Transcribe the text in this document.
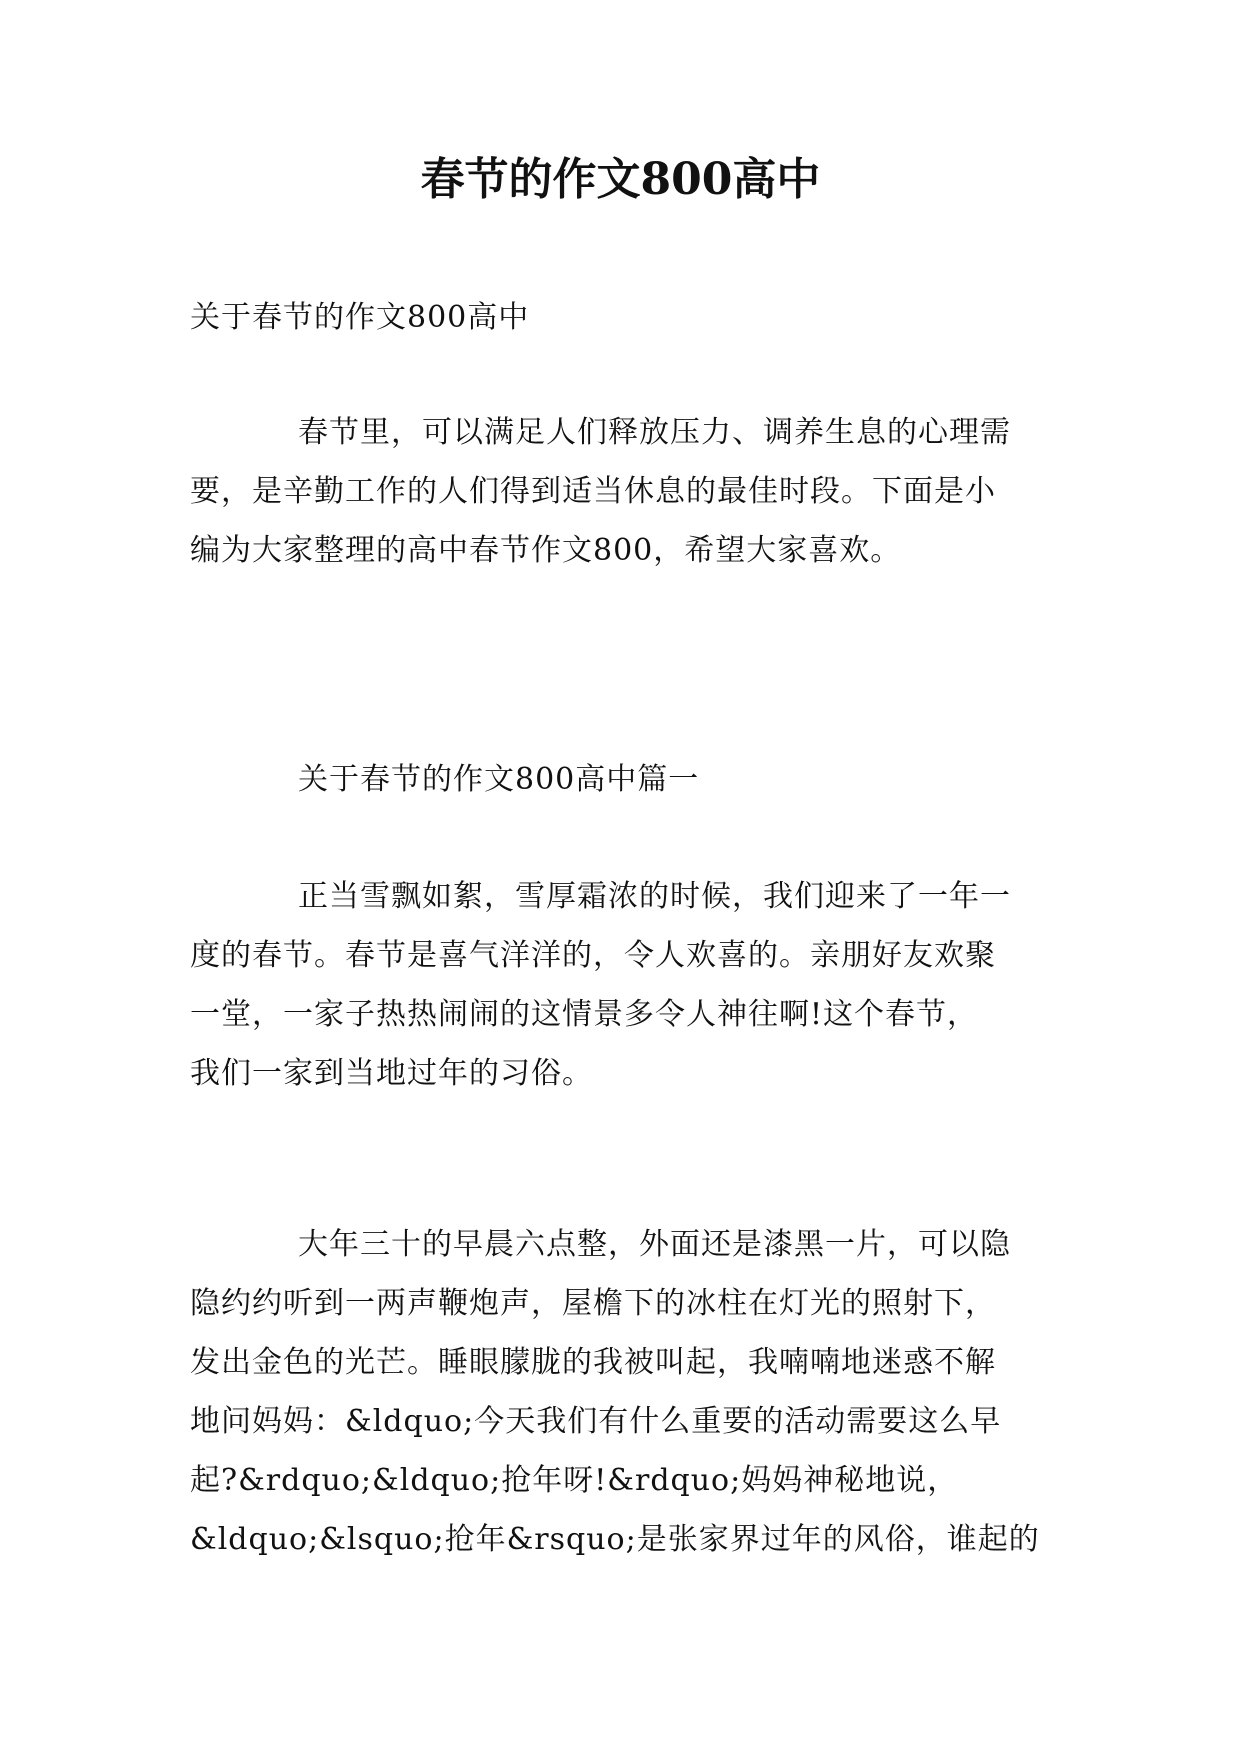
春节的作文800高中
关于春节的作文800高中
春节里，可以满足人们释放压力、调养生息的心理需
要，是辛勤工作的人们得到适当休息的最佳时段。下面是小
编为大家整理的高中春节作文800，希望大家喜欢。
关于春节的作文800高中篇一
正当雪飘如絮，雪厚霜浓的时候，我们迎来了一年一
度的春节。春节是喜气洋洋的，令人欢喜的。亲朋好友欢聚
一堂，一家子热热闹闹的这情景多令人神往啊!这个春节，
我们一家到当地过年的习俗。
大年三十的早晨六点整，外面还是漆黑一片，可以隐
隐约约听到一两声鞭炮声，屋檐下的冰柱在灯光的照射下，
发出金色的光芒。睡眼朦胧的我被叫起，我喃喃地迷惑不解
地问妈妈：&ldquo;今天我们有什么重要的活动需要这么早
起?&rdquo;&ldquo;抢年呀!&rdquo;妈妈神秘地说，
&ldquo;&lsquo;抢年&rsquo;是张家界过年的风俗，谁起的
